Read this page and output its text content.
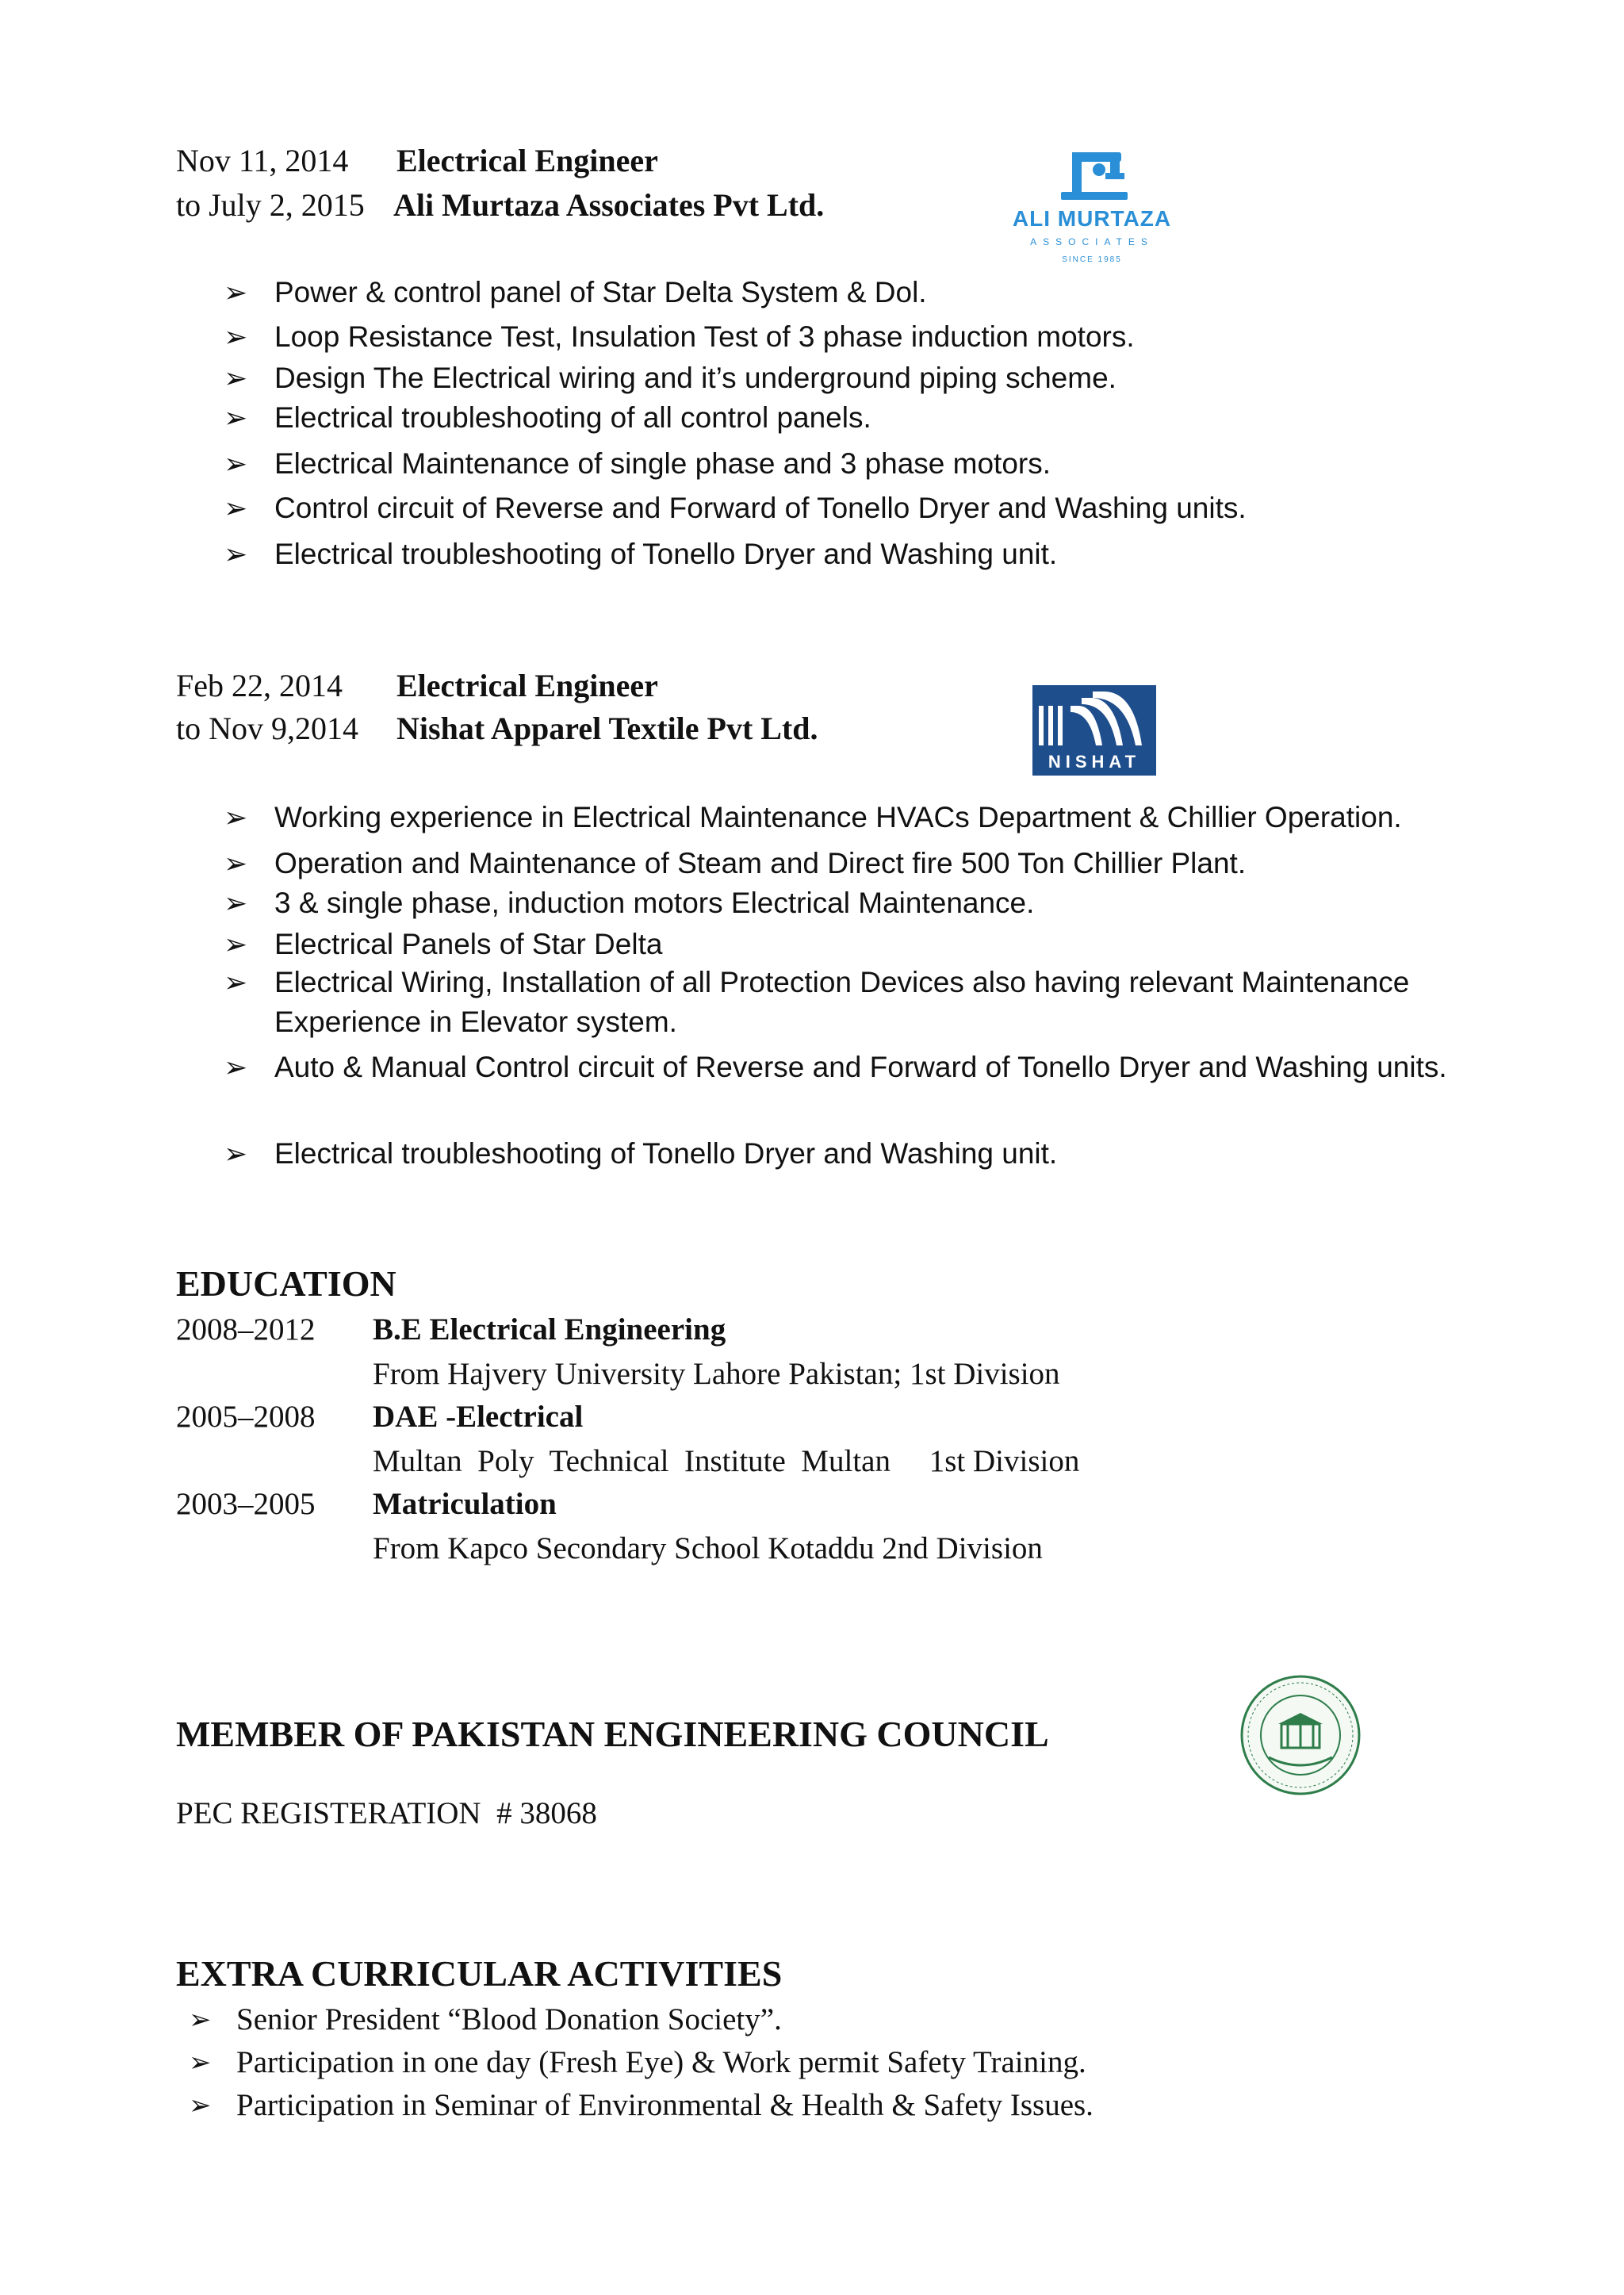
Nov 11, 2014 Electrical Engineer
to July 2, 2015 Ali Murtaza Associates Pvt Ltd.	ALI MURTAZA
ASSOCIATES
SINCE 1985
➢ Power & control panel of Star Delta System & Dol.
➢ Loop Resistance Test, Insulation Test of 3 phase induction motors.
➢ Design The Electrical wiring and it’s underground piping scheme.
➢ Electrical troubleshooting of all control panels.
➢ Electrical Maintenance of single phase and 3 phase motors.
➢ Control circuit of Reverse and Forward of Tonello Dryer and Washing units.
➢ Electrical troubleshooting of Tonello Dryer and Washing unit.
Feb 22, 2014 Electrical Engineer
to Nov 9,2014 Nishat Apparel Textile Pvt Ltd.
NISHAT
➢ Working experience in Electrical Maintenance HVACs Department & Chillier Operation.
➢ Operation and Maintenance of Steam and Direct fire 500 Ton Chillier Plant.
➢ 3 & single phase, induction motors Electrical Maintenance.
➢ Electrical Panels of Star Delta
➢ Electrical Wiring, Installation of all Protection Devices also having relevant Maintenance Experience in Elevator system.
➢ Auto & Manual Control circuit of Reverse and Forward of Tonello Dryer and Washing units.
➢ Electrical troubleshooting of Tonello Dryer and Washing unit.
EDUCATION
2008–2012 B.E Electrical Engineering
From Hajvery University Lahore Pakistan; 1st Division
2005–2008 DAE -Electrical
Multan  Poly  Technical  Institute  Multan     1st Division
2003–2005 Matriculation
From Kapco Secondary School Kotaddu 2nd Division
MEMBER OF PAKISTAN ENGINEERING COUNCIL
PEC REGISTERATION  # 38068
EXTRA CURRICULAR ACTIVITIES
➢ Senior President “Blood Donation Society”.
➢ Participation in one day (Fresh Eye) & Work permit Safety Training.
➢ Participation in Seminar of Environmental & Health & Safety Issues.
